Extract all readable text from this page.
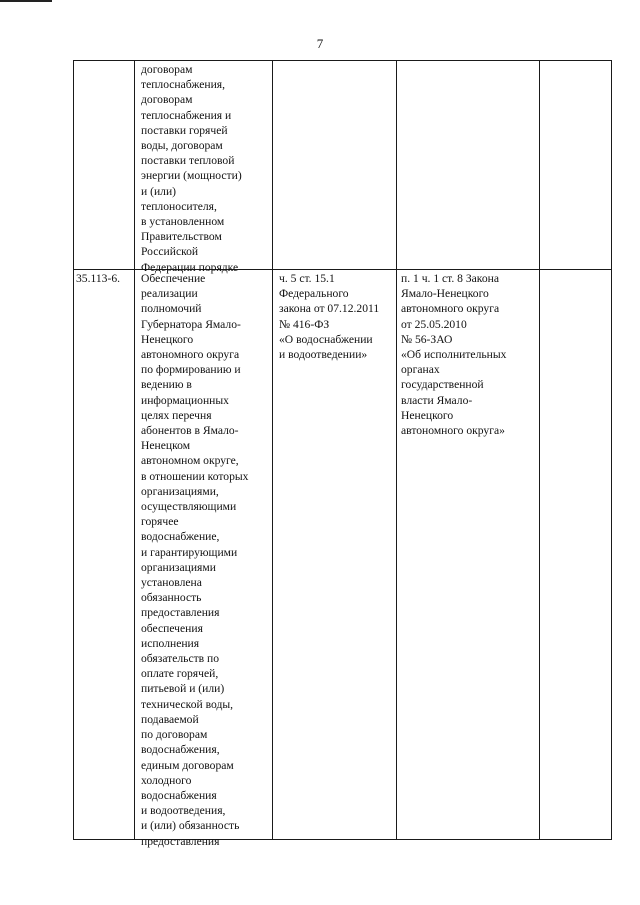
7
договорам
теплоснабжения,
договорам
теплоснабжения и
поставки горячей
воды, договорам
поставки тепловой
энергии (мощности)
и (или)
теплоносителя,
в установленном
Правительством
Российской
Федерации порядке
35.113-6. Обеспечение
реализации
полномочий
Губернатора Ямало-
Ненецкого
автономного округа
по формированию и
ведению в
информационных
целях перечня
абонентов в Ямало-
Ненецком
автономном округе,
в отношении которых
организациями,
осуществляющими
горячее
водоснабжение,
и гарантирующими
организациями
установлена
обязанность
предоставления
обеспечения
исполнения
обязательств по
оплате горячей,
питьевой и (или)
технической воды,
подаваемой
по договорам
водоснабжения,
единым договорам
холодного
водоснабжения
и водоотведения,
и (или) обязанность
предоставления
ч. 5 ст. 15.1
Федерального
закона от 07.12.2011
№ 416-ФЗ
«О водоснабжении
и водоотведении»
п. 1 ч. 1 ст. 8 Закона
Ямало-Ненецкого
автономного округа
от 25.05.2010
№ 56-ЗАО
«Об исполнительных
органах
государственной
власти Ямало-
Ненецкого
автономного округа»
